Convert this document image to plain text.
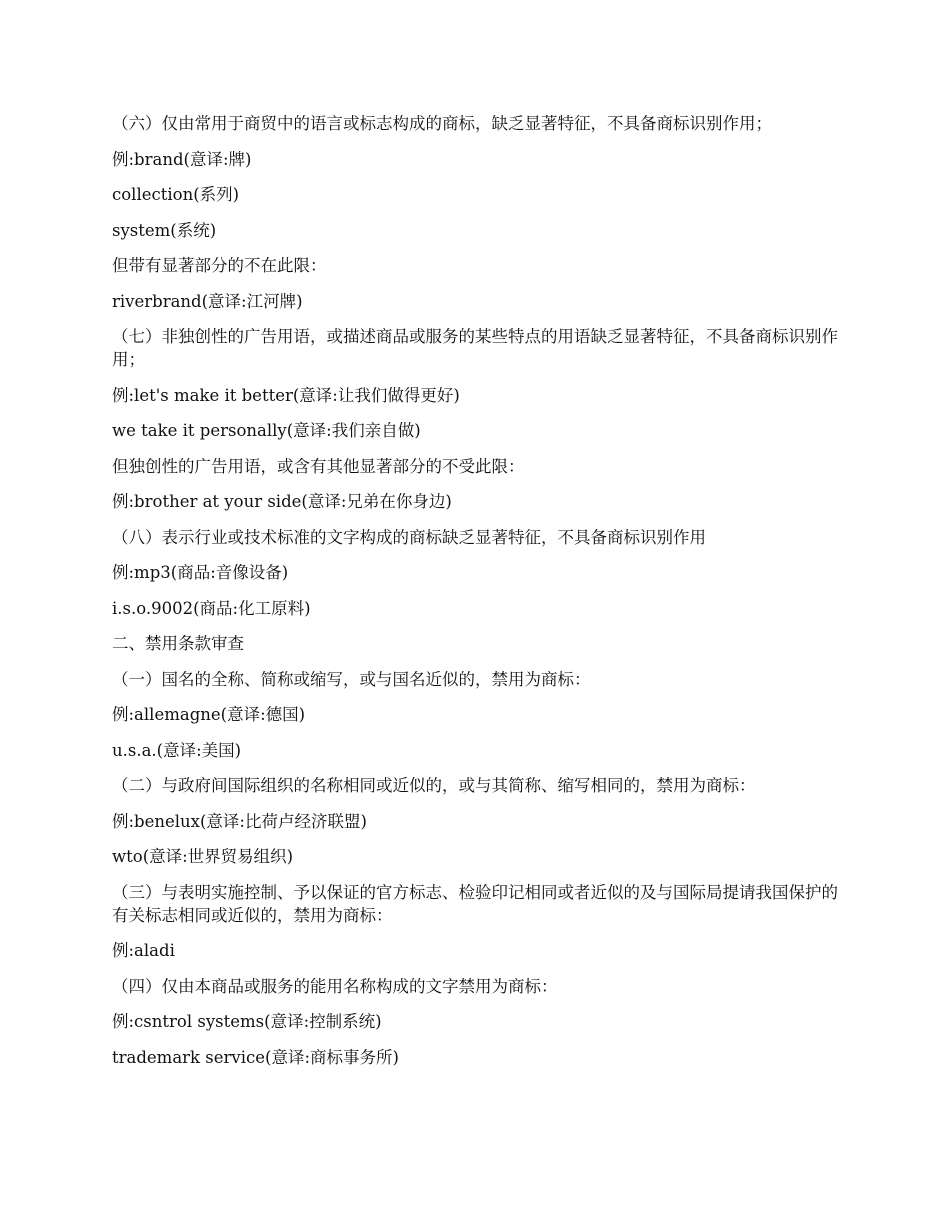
（六）仅由常用于商贸中的语言或标志构成的商标，缺乏显著特征，不具备商标识别作用；

例:brand(意译:牌)

collection(系列)

system(系统)

但带有显著部分的不在此限：

riverbrand(意译:江河牌)

（七）非独创性的广告用语，或描述商品或服务的某些特点的用语缺乏显著特征，不具备商标识别作用；

例:let's make it better(意译:让我们做得更好)

we take it personally(意译:我们亲自做)

但独创性的广告用语，或含有其他显著部分的不受此限：

例:brother at your side(意译:兄弟在你身边)

（八）表示行业或技术标准的文字构成的商标缺乏显著特征，不具备商标识别作用

例:mp3(商品:音像设备)

i.s.o.9002(商品:化工原料)

二、禁用条款审查

（一）国名的全称、简称或缩写，或与国名近似的，禁用为商标：

例:allemagne(意译:德国)

u.s.a.(意译:美国)

（二）与政府间国际组织的名称相同或近似的，或与其简称、缩写相同的，禁用为商标：

例:benelux(意译:比荷卢经济联盟)

wto(意译:世界贸易组织)

（三）与表明实施控制、予以保证的官方标志、检验印记相同或者近似的及与国际局提请我国保护的有关标志相同或近似的，禁用为商标：

例:aladi

（四）仅由本商品或服务的能用名称构成的文字禁用为商标：

例:csntrol systems(意译:控制系统)

trademark service(意译:商标事务所)
